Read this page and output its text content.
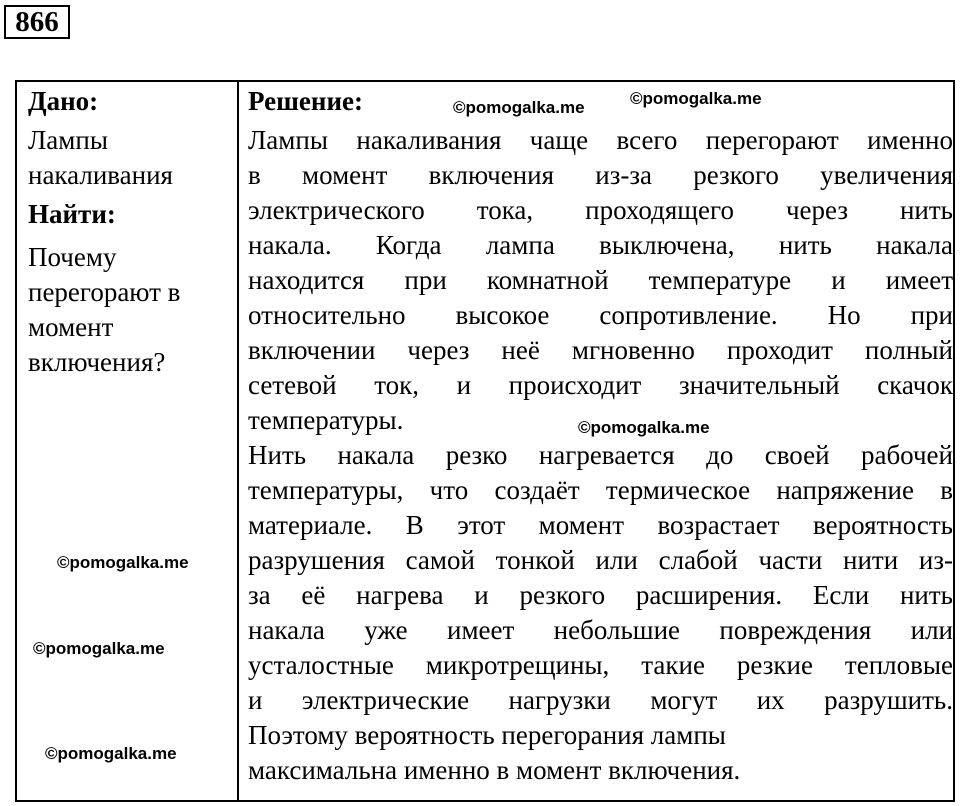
866
Дано:
Лампы
накаливания
Найти:
Почему
перегорают в
момент
включения?
Решение:
Лампы накаливания чаще всего перегорают именно
в момент включения из-за резкого увеличения
электрического тока, проходящего через нить
накала. Когда лампа выключена, нить накала
находится при комнатной температуре и имеет
относительно высокое сопротивление. Но при
включении через неё мгновенно проходит полный
сетевой ток, и происходит значительный скачок
температуры.
Нить накала резко нагревается до своей рабочей
температуры, что создаёт термическое напряжение в
материале. В этот момент возрастает вероятность
разрушения самой тонкой или слабой части нити из-
за её нагрева и резкого расширения. Если нить
накала уже имеет небольшие повреждения или
усталостные микротрещины, такие резкие тепловые
и электрические нагрузки могут их разрушить.
Поэтому вероятность перегорания лампы
максимальна именно в момент включения.
©pomogalka.me	©pomogalka.me
©pomogalka.me
©pomogalka.me
©pomogalka.me
©pomogalka.me
